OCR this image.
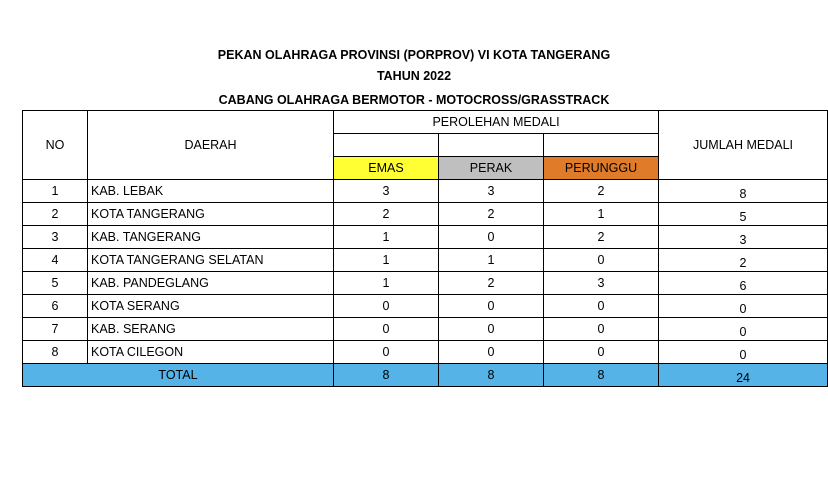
PEKAN OLAHRAGA PROVINSI (PORPROV) VI KOTA TANGERANG
TAHUN 2022
CABANG OLAHRAGA BERMOTOR - MOTOCROSS/GRASSTRACK
NO	DAERAH	PEROLEHAN MEDALI			JUMLAH MEDALI

		EMAS	PERAK	PERUNGGU	
1	KAB. LEBAK	3	3	2	8
2	KOTA TANGERANG	2	2	1	5
3	KAB. TANGERANG	1	0	2	3
4	KOTA TANGERANG SELATAN	1	1	0	2
5	KAB. PANDEGLANG	1	2	3	6
6	KOTA SERANG	0	0	0	0
7	KAB. SERANG	0	0	0	0
8	KOTA CILEGON	0	0	0	0
TOTAL		8	8	8	24
